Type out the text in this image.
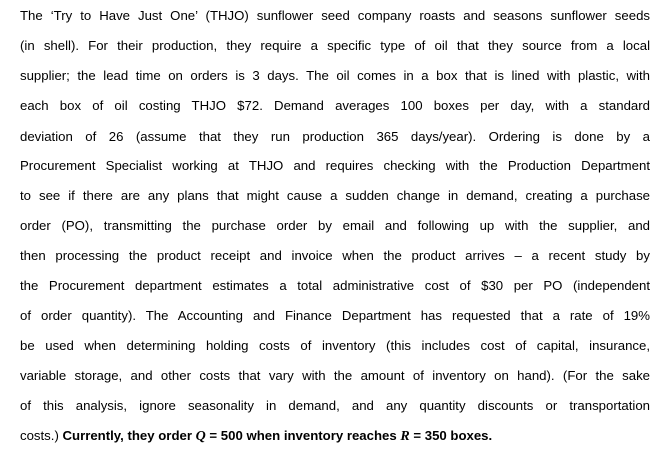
The ‘Try to Have Just One’ (THJO) sunflower seed company roasts and seasons sunflower seeds
(in shell). For their production, they require a specific type of oil that they source from a local
supplier; the lead time on orders is 3 days. The oil comes in a box that is lined with plastic, with
each box of oil costing THJO $72. Demand averages 100 boxes per day, with a standard
deviation of 26 (assume that they run production 365 days/year). Ordering is done by a
Procurement Specialist working at THJO and requires checking with the Production Department
to see if there are any plans that might cause a sudden change in demand, creating a purchase
order (PO), transmitting the purchase order by email and following up with the supplier, and
then processing the product receipt and invoice when the product arrives – a recent study by
the Procurement department estimates a total administrative cost of $30 per PO (independent
of order quantity). The Accounting and Finance Department has requested that a rate of 19%
be used when determining holding costs of inventory (this includes cost of capital, insurance,
variable storage, and other costs that vary with the amount of inventory on hand). (For the sake
of this analysis, ignore seasonality in demand, and any quantity discounts or transportation
costs.) Currently, they order Q = 500 when inventory reaches R = 350 boxes.
